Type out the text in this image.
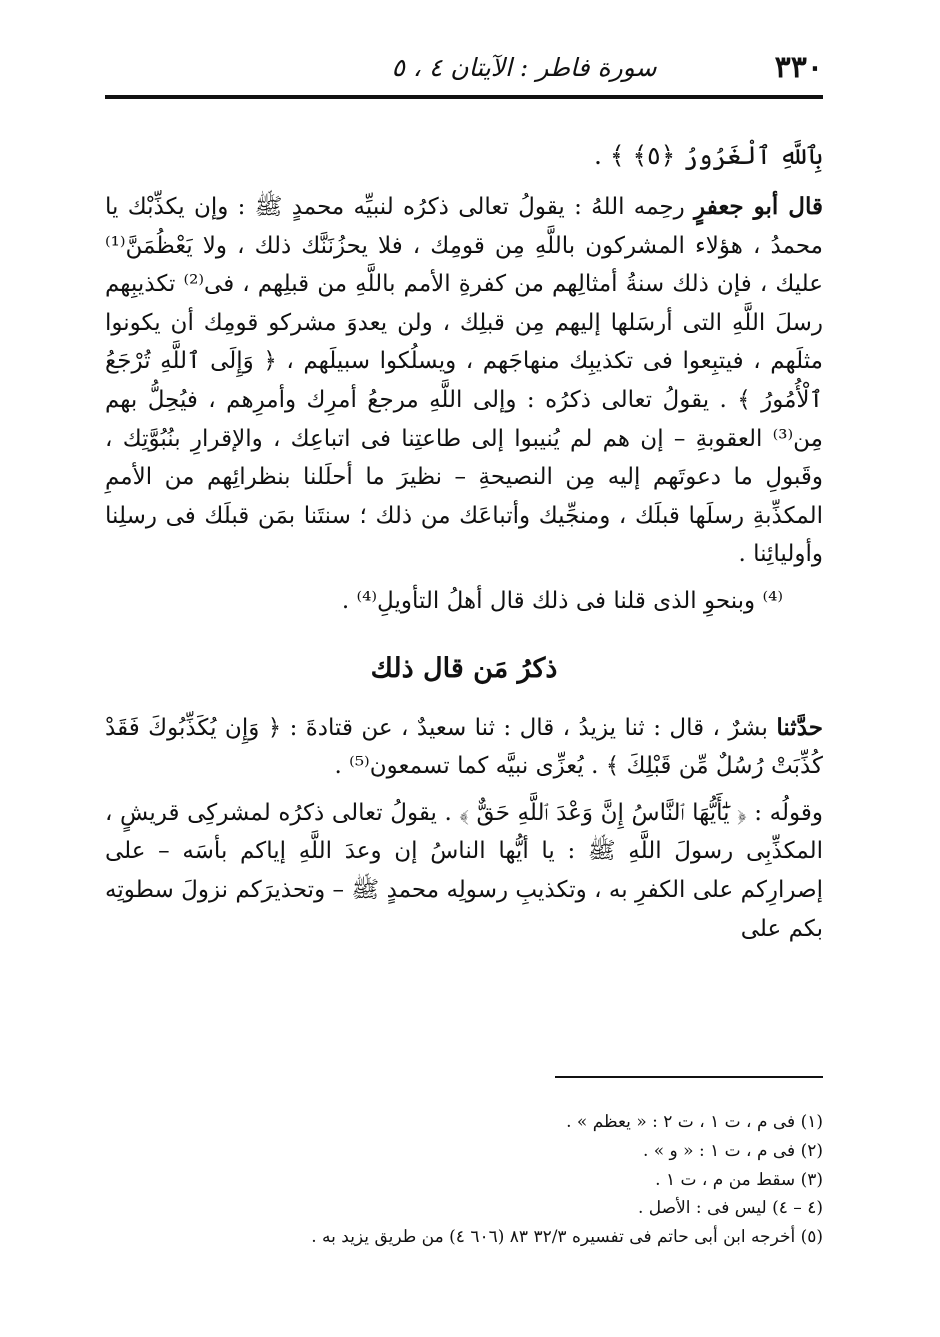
٣٣٠
سورة فاطر : الآيتان ٤ ، ٥

بِٱللَّهِ ٱلْغَرُورُ ﴿٥﴾ ﴾ .

قال أبو جعفرٍ رحِمه اللهُ : يقولُ تعالى ذكرُه لنبيِّه محمدٍ ﷺ : وإن يكذِّبْك يا محمدُ ، هؤلاء المشركون باللَّهِ مِن قومِك ، فلا يحزُنَنَّك ذلك ، ولا يَعْظُمَنَّ⁽¹⁾ عليك ، فإن ذلك سنةُ أمثالِهم من كفرةِ الأمم باللَّهِ من قبلِهم ، فى⁽²⁾ تكذيبِهم رسلَ اللَّهِ التى أرسَلها إليهم مِن قبلِك ، ولن يعدوَ مشركو قومِك أن يكونوا مثلَهم ، فيتبِعوا فى تكذيبِك منهاجَهم ، ويسلُكوا سبيلَهم ، ﴿ وَإِلَى ٱللَّهِ تُرْجَعُ ٱلْأُمُورُ ﴾ . يقولُ تعالى ذكرُه : وإلى اللَّهِ مرجعُ أمرِك وأمرِهم ، فيُحِلُّ بهم مِن⁽³⁾ العقوبةِ – إن هم لم يُنيبوا إلى طاعتِنا فى اتباعِك ، والإقرارِ بنُبُوَّتِك ، وقَبولِ ما دعوتَهم إليه مِن النصيحةِ – نظيرَ ما أحلَلنا بنظرائِهم من الأممِ المكذِّبةِ رسلَها قبلَك ، ومنجِّيك وأتباعَك من ذلك ؛ سنتَنا بمَن قبلَك فى رسلِنا وأوليائِنا .

⁽⁴⁾ وبنحوِ الذى قلنا فى ذلك قال أهلُ التأويلِ⁽⁴⁾ .

ذكرُ مَن قال ذلك

حدَّثنا بشرٌ ، قال : ثنا يزيدُ ، قال : ثنا سعيدٌ ، عن قتادةَ : ﴿ وَإِن يُكَذِّبُوكَ فَقَدْ كُذِّبَتْ رُسُلٌ مِّن قَبْلِكَ ﴾ . يُعزِّى نبيَّه كما تسمعون⁽⁵⁾ .

وقولُه : ﴿ يَٰٓأَيُّهَا ٱلنَّاسُ إِنَّ وَعْدَ ٱللَّهِ حَقٌّ ﴾ . يقولُ تعالى ذكرُه لمشركِى قريشٍ ، المكذِّبِى رسولَ اللَّهِ ﷺ : يا أيُّها الناسُ إن وعدَ اللَّهِ إياكم بأسَه – على إصرارِكم على الكفرِ به ، وتكذيبِ رسولِه محمدٍ ﷺ – وتحذيرَكم نزولَ سطوتِه بكم على

(١) فى م ، ت ١ ، ت ٢ : « يعظم » .

(٢) فى م ، ت ١ : « و » .

(٣) سقط من م ، ت ١ .

(٤ – ٤) ليس فى : الأصل .

(٥) أخرجه ابن أبى حاتم فى تفسيره ٣٢/٣ ٨٣ (٦٠٦ ٤) من طريق يزيد به .
